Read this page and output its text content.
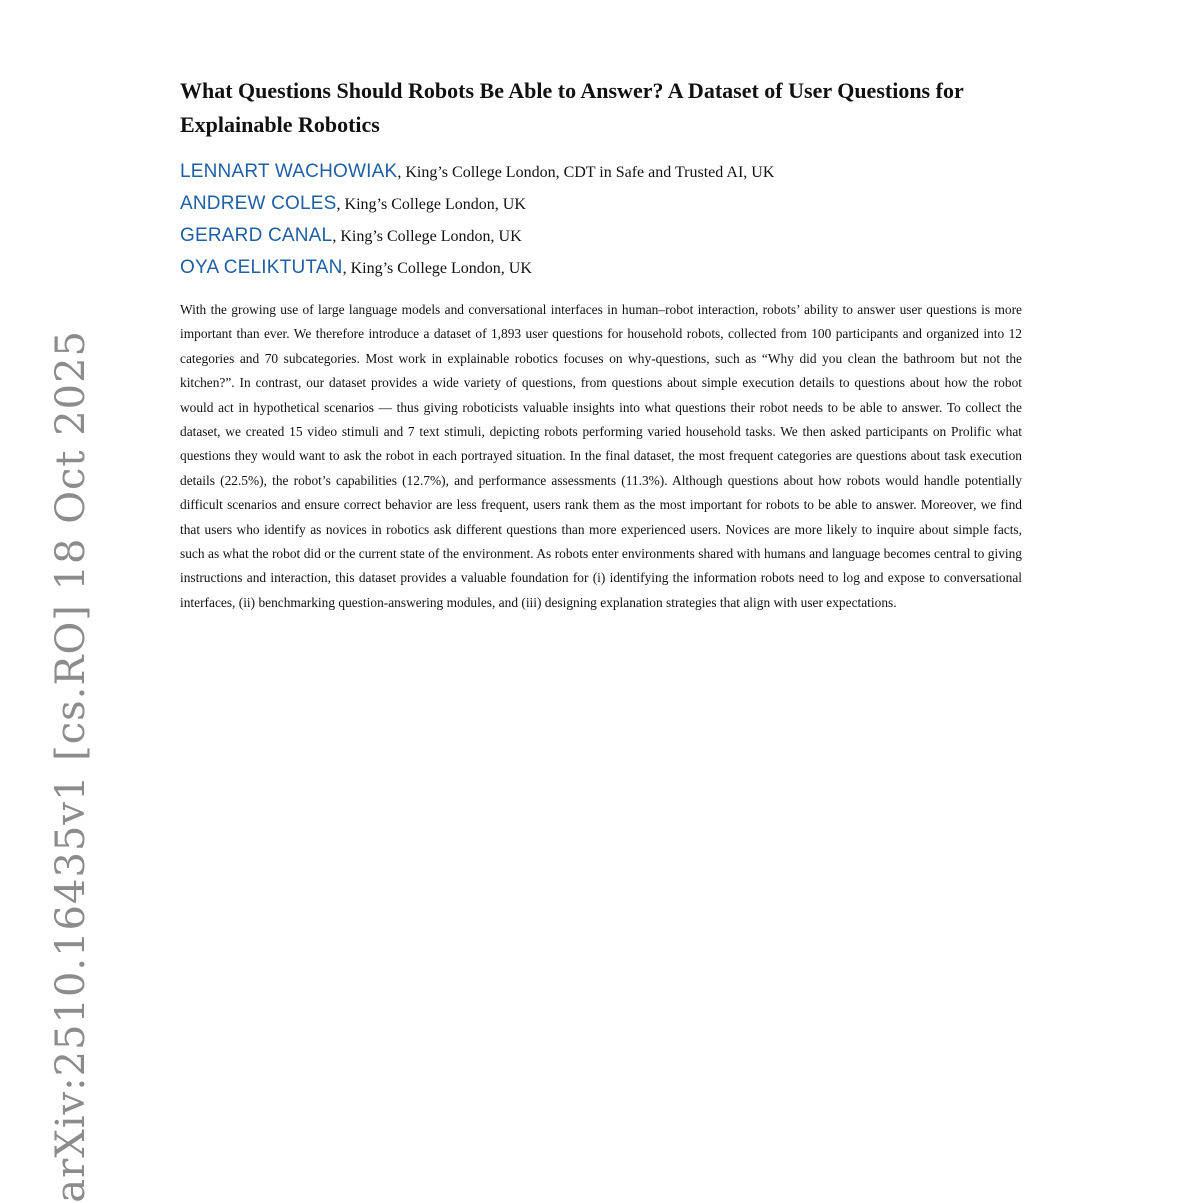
arXiv:2510.16435v1 [cs.RO] 18 Oct 2025
What Questions Should Robots Be Able to Answer? A Dataset of User Questions for Explainable Robotics
LENNART WACHOWIAK, King’s College London, CDT in Safe and Trusted AI, UK
ANDREW COLES, King’s College London, UK
GERARD CANAL, King’s College London, UK
OYA CELIKTUTAN, King’s College London, UK

With the growing use of large language models and conversational interfaces in human–robot interaction, robots’ ability to answer user questions is more important than ever. We therefore introduce a dataset of 1,893 user questions for household robots, collected from 100 participants and organized into 12 categories and 70 subcategories. Most work in explainable robotics focuses on why-questions, such as “Why did you clean the bathroom but not the kitchen?”. In contrast, our dataset provides a wide variety of questions, from questions about simple execution details to questions about how the robot would act in hypothetical scenarios — thus giving roboticists valuable insights into what questions their robot needs to be able to answer. To collect the dataset, we created 15 video stimuli and 7 text stimuli, depicting robots performing varied household tasks. We then asked participants on Prolific what questions they would want to ask the robot in each portrayed situation. In the final dataset, the most frequent categories are questions about task execution details (22.5%), the robot’s capabilities (12.7%), and performance assessments (11.3%). Although questions about how robots would handle potentially difficult scenarios and ensure correct behavior are less frequent, users rank them as the most important for robots to be able to answer. Moreover, we find that users who identify as novices in robotics ask different questions than more experienced users. Novices are more likely to inquire about simple facts, such as what the robot did or the current state of the environment. As robots enter environments shared with humans and language becomes central to giving instructions and interaction, this dataset provides a valuable foundation for (i) identifying the information robots need to log and expose to conversational interfaces, (ii) benchmarking question-answering modules, and (iii) designing explanation strategies that align with user expectations.
